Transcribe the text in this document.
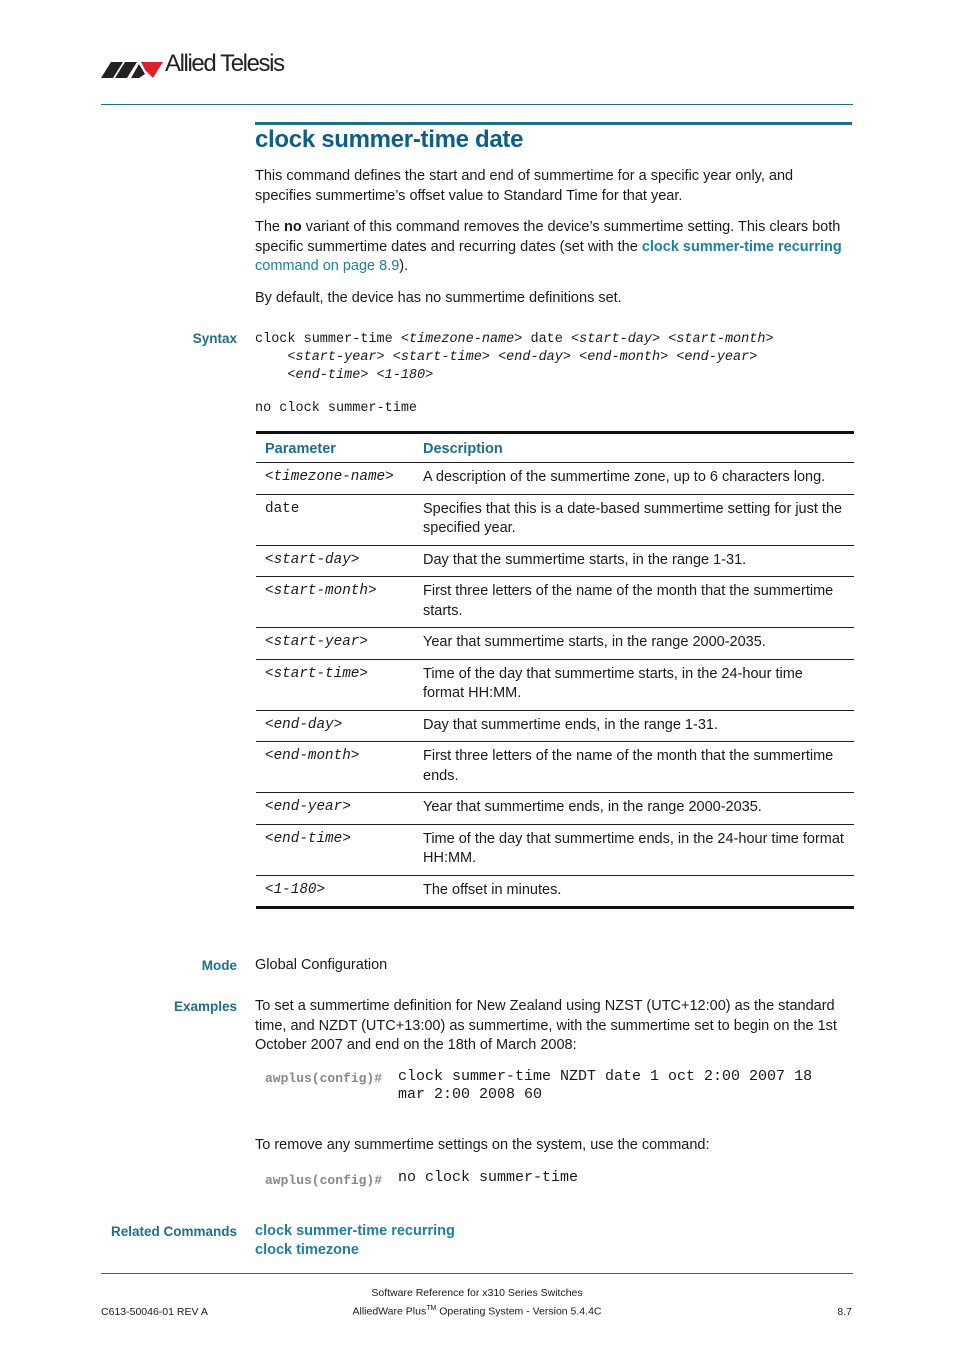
Allied Telesis
clock summer-time date
This command defines the start and end of summertime for a specific year only, and specifies summertime’s offset value to Standard Time for that year.
The no variant of this command removes the device’s summertime setting. This clears both specific summertime dates and recurring dates (set with the clock summer-time recurring command on page 8.9).
By default, the device has no summertime definitions set.
Syntax clock summer-time <timezone-name> date <start-day> <start-month>
<start-year> <start-time> <end-day> <end-month> <end-year>
<end-time> <1-180>
no clock summer-time
Parameter	Description
<timezone-name>	A description of the summertime zone, up to 6 characters long.
date	Specifies that this is a date-based summertime setting for just the specified year.
<start-day>	Day that the summertime starts, in the range 1-31.
<start-month>	First three letters of the name of the month that the summertime starts.
<start-year>	Year that summertime starts, in the range 2000-2035.
<start-time>	Time of the day that summertime starts, in the 24-hour time format HH:MM.
<end-day>	Day that summertime ends, in the range 1-31.
<end-month>	First three letters of the name of the month that the summertime ends.
<end-year>	Year that summertime ends, in the range 2000-2035.
<end-time>	Time of the day that summertime ends, in the 24-hour time format HH:MM.
<1-180>	The offset in minutes.
Mode Global Configuration
Examples To set a summertime definition for New Zealand using NZST (UTC+12:00) as the standard time, and NZDT (UTC+13:00) as summertime, with the summertime set to begin on the 1st October 2007 and end on the 18th of March 2008:
awplus(config)# clock summer-time NZDT date 1 oct 2:00 2007 18
mar 2:00 2008 60
To remove any summertime settings on the system, use the command:
awplus(config)# no clock summer-time
Related Commands clock summer-time recurring
clock timezone
Software Reference for x310 Series Switches
AlliedWare Plus™ Operating System - Version 5.4.4C
C613-50046-01 REV A	8.7
